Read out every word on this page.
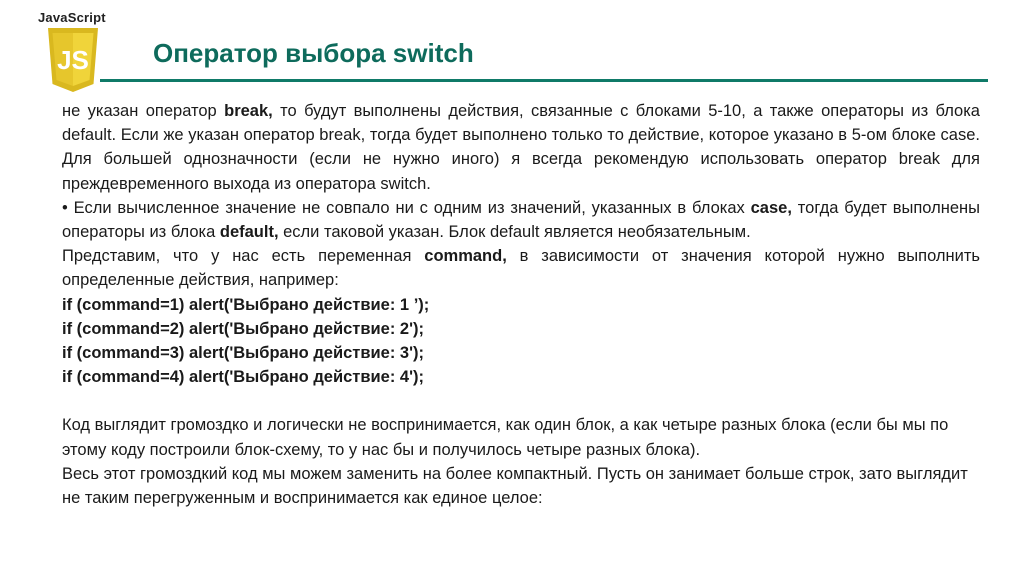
JavaScript
JS Оператор выбора switch

не указан оператор break, то будут выполнены действия, связанные с блоками 5-10, а также операторы из блока default. Если же указан оператор break, тогда будет выполнено только то действие, которое указано в 5-ом блоке case. Для большей однозначности (если не нужно иного) я всегда рекомендую использовать оператор break для преждевременного выхода из оператора switch.

• Если вычисленное значение не совпало ни с одним из значений, указанных в блоках case, тогда будет выполнены операторы из блока default, если таковой указан. Блок default является необязательным.

Представим, что у нас есть переменная command, в зависимости от значения которой нужно выполнить определенные действия, например:

if (command=1) alert('Выбрано действие: 1 ’);

if (command=2) alert('Выбрано действие: 2');

if (command=3) alert('Выбрано действие: 3');

if (command=4) alert('Выбрано действие: 4');

Код выглядит громоздко и логически не воспринимается, как один блок, а как четыре разных блока (если бы мы по этому коду построили блок-схему, то у нас бы и получилось четыре разных блока).

Весь этот громоздкий код мы можем заменить на более компактный. Пусть он занимает больше строк, зато выглядит не таким перегруженным и воспринимается как единое целое:
